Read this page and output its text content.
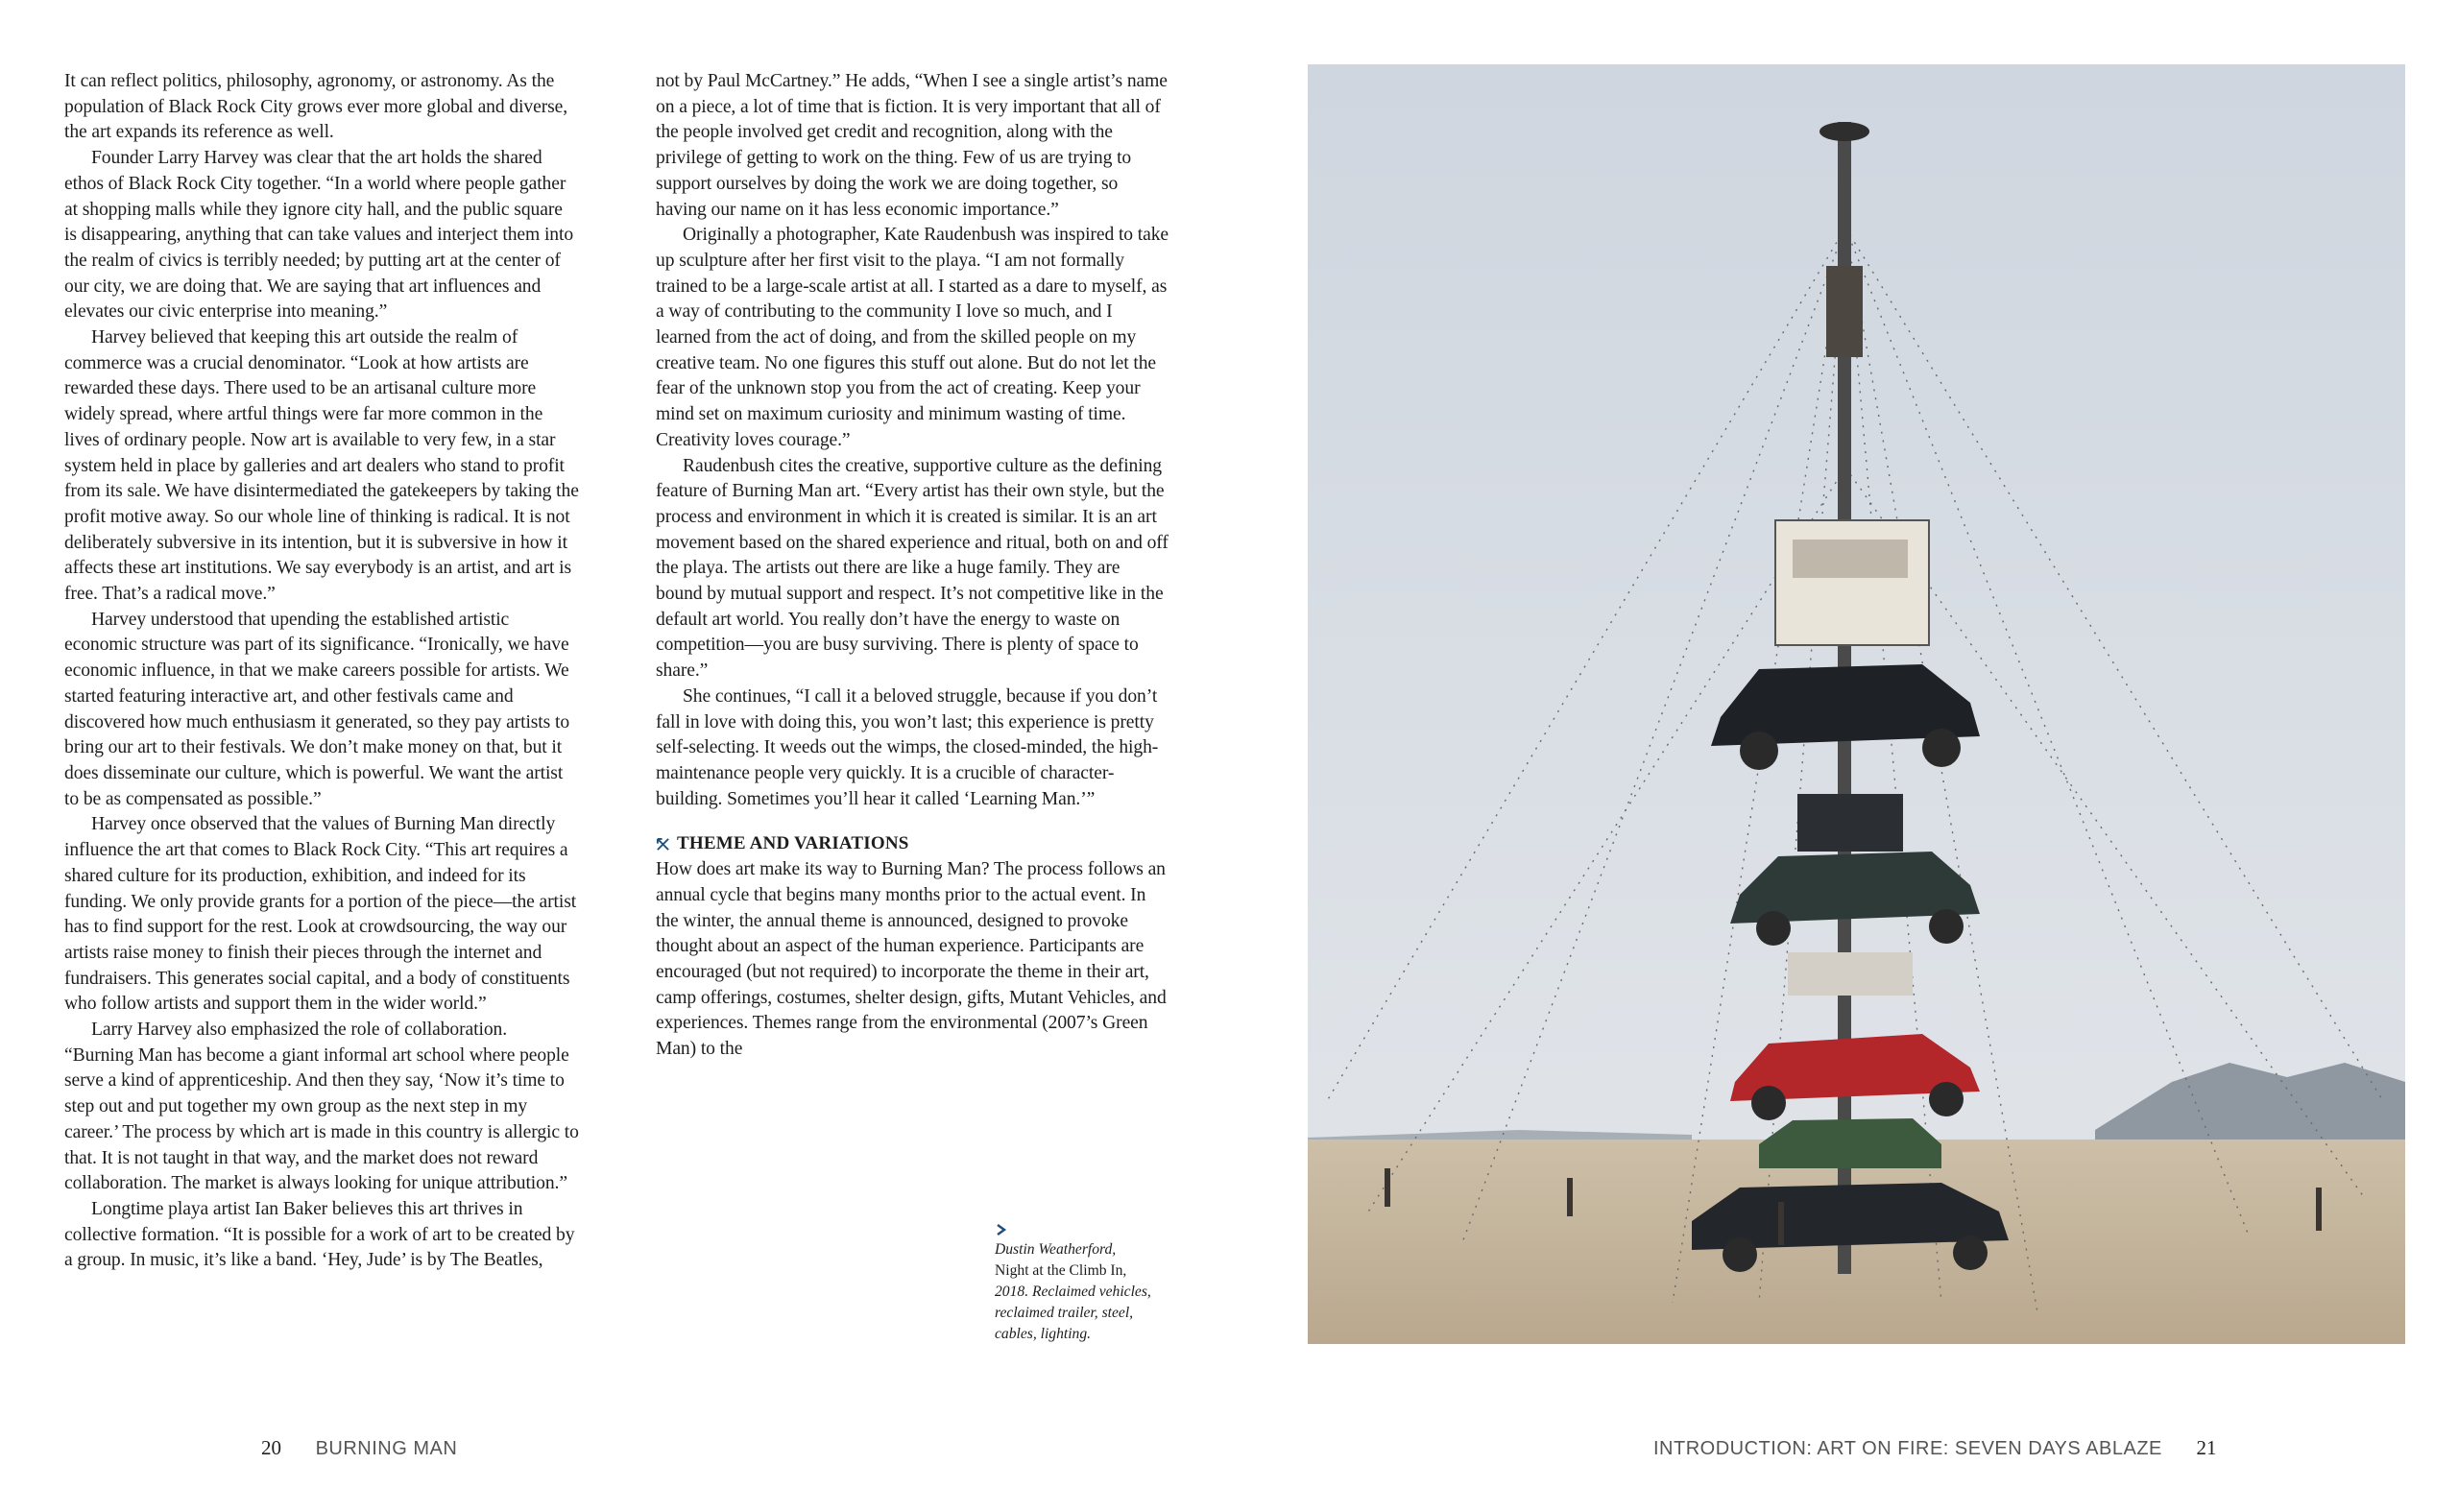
It can reflect politics, philosophy, agronomy, or astronomy. As the population of Black Rock City grows ever more global and diverse, the art expands its reference as well.

Founder Larry Harvey was clear that the art holds the shared ethos of Black Rock City together. “In a world where people gather at shopping malls while they ignore city hall, and the public square is disappearing, anything that can take values and interject them into the realm of civics is terribly needed; by putting art at the center of our city, we are doing that. We are saying that art influences and elevates our civic enterprise into meaning.”

Harvey believed that keeping this art outside the realm of commerce was a crucial denominator. “Look at how artists are rewarded these days. There used to be an artisanal culture more widely spread, where artful things were far more common in the lives of ordinary people. Now art is available to very few, in a star system held in place by galleries and art dealers who stand to profit from its sale. We have disintermediated the gatekeepers by taking the profit motive away. So our whole line of thinking is radical. It is not deliberately subversive in its intention, but it is subversive in how it affects these art institutions. We say everybody is an artist, and art is free. That’s a radical move.”

Harvey understood that upending the established artistic economic structure was part of its significance. “Ironically, we have economic influence, in that we make careers possible for artists. We started featuring interactive art, and other festivals came and discovered how much enthusiasm it generated, so they pay artists to bring our art to their festivals. We don’t make money on that, but it does disseminate our culture, which is powerful. We want the artist to be as compensated as possible.”

Harvey once observed that the values of Burning Man directly influence the art that comes to Black Rock City. “This art requires a shared culture for its production, exhibition, and indeed for its funding. We only provide grants for a portion of the piece—the artist has to find support for the rest. Look at crowdsourcing, the way our artists raise money to finish their pieces through the internet and fundraisers. This generates social capital, and a body of constituents who follow artists and support them in the wider world.”

Larry Harvey also emphasized the role of collaboration. “Burning Man has become a giant informal art school where people serve a kind of apprenticeship. And then they say, ‘Now it’s time to step out and put together my own group as the next step in my career.’ The process by which art is made in this country is allergic to that. It is not taught in that way, and the market does not reward collaboration. The market is always looking for unique attribution.”

Longtime playa artist Ian Baker believes this art thrives in collective formation. “It is possible for a work of art to be created by a group. In music, it’s like a band. ‘Hey, Jude’ is by The Beatles,

not by Paul McCartney.” He adds, “When I see a single artist’s name on a piece, a lot of time that is fiction. It is very important that all of the people involved get credit and recognition, along with the privilege of getting to work on the thing. Few of us are trying to support ourselves by doing the work we are doing together, so having our name on it has less economic importance.”

Originally a photographer, Kate Raudenbush was inspired to take up sculpture after her first visit to the playa. “I am not formally trained to be a large-scale artist at all. I started as a dare to myself, as a way of contributing to the community I love so much, and I learned from the act of doing, and from the skilled people on my creative team. No one figures this stuff out alone. But do not let the fear of the unknown stop you from the act of creating. Keep your mind set on maximum curiosity and minimum wasting of time. Creativity loves courage.”

Raudenbush cites the creative, supportive culture as the defining feature of Burning Man art. “Every artist has their own style, but the process and environment in which it is created is similar. It is an art movement based on the shared experience and ritual, both on and off the playa. The artists out there are like a huge family. They are bound by mutual support and respect. It’s not competitive like in the default art world. You really don’t have the energy to waste on competition—you are busy surviving. There is plenty of space to share.”

She continues, “I call it a beloved struggle, because if you don’t fall in love with doing this, you won’t last; this experience is pretty self-selecting. It weeds out the wimps, the closed-minded, the high-maintenance people very quickly. It is a crucible of character-building. Sometimes you’ll hear it called ‘Learning Man.’”

THEME AND VARIATIONS

How does art make its way to Burning Man? The process follows an annual cycle that begins many months prior to the actual event. In the winter, the annual theme is announced, designed to provoke thought about an aspect of the human experience. Participants are encouraged (but not required) to incorporate the theme in their art, camp offerings, costumes, shelter design, gifts, Mutant Vehicles, and experiences. Themes range from the environmental (2007’s Green Man) to the

Dustin Weatherford,
Night at the Climb In,
2018. Reclaimed vehicles, reclaimed trailer, steel, cables, lighting.
20 BURNING MAN	INTRODUCTION: ART ON FIRE: SEVEN DAYS ABLAZE 21
